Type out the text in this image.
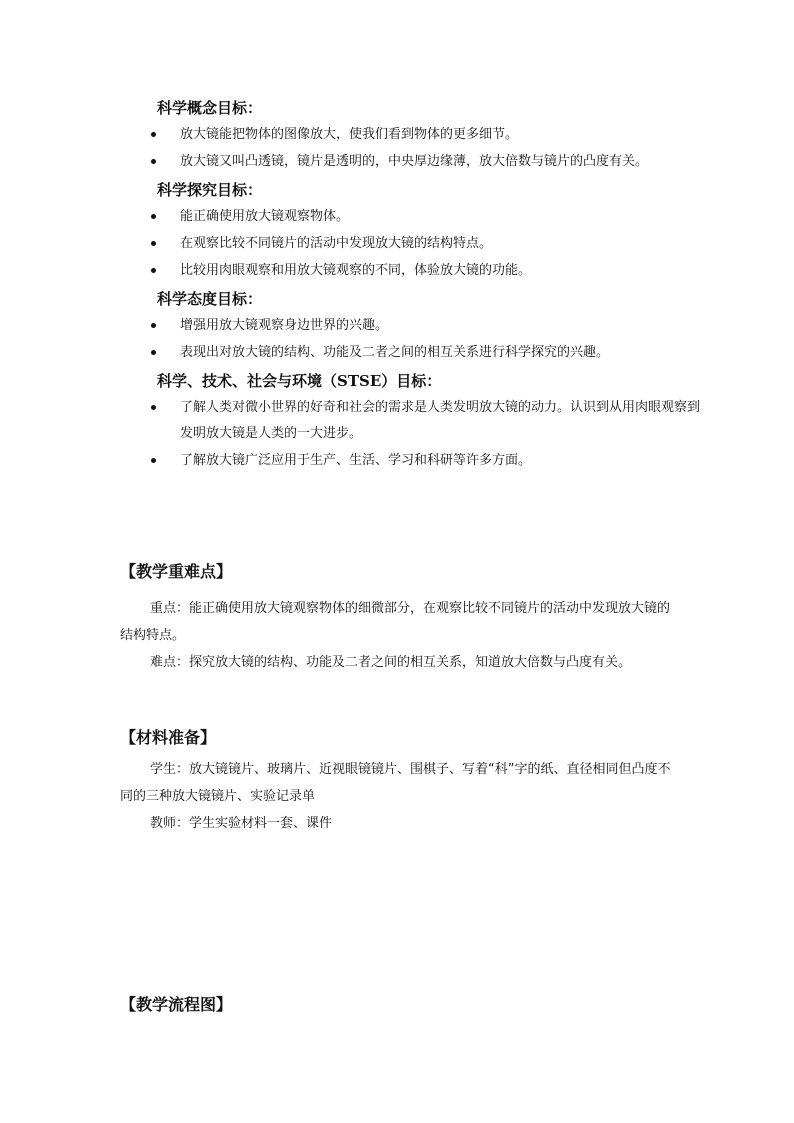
科学概念目标：
放大镜能把物体的图像放大，使我们看到物体的更多细节。
放大镜又叫凸透镜，镜片是透明的，中央厚边缘薄，放大倍数与镜片的凸度有关。
科学探究目标：
能正确使用放大镜观察物体。
在观察比较不同镜片的活动中发现放大镜的结构特点。
比较用肉眼观察和用放大镜观察的不同，体验放大镜的功能。
科学态度目标：
增强用放大镜观察身边世界的兴趣。
表现出对放大镜的结构、功能及二者之间的相互关系进行科学探究的兴趣。
科学、技术、社会与环境（STSE）目标：
了解人类对微小世界的好奇和社会的需求是人类发明放大镜的动力。认识到从用肉眼观察到发明放大镜是人类的一大进步。
了解放大镜广泛应用于生产、生活、学习和科研等许多方面。
【教学重难点】
重点：能正确使用放大镜观察物体的细微部分，在观察比较不同镜片的活动中发现放大镜的结构特点。
难点：探究放大镜的结构、功能及二者之间的相互关系，知道放大倍数与凸度有关。
【材料准备】
学生：放大镜镜片、玻璃片、近视眼镜镜片、围棋子、写着“科”字的纸、直径相同但凸度不同的三种放大镜镜片、实验记录单
教师：学生实验材料一套、课件
【教学流程图】
